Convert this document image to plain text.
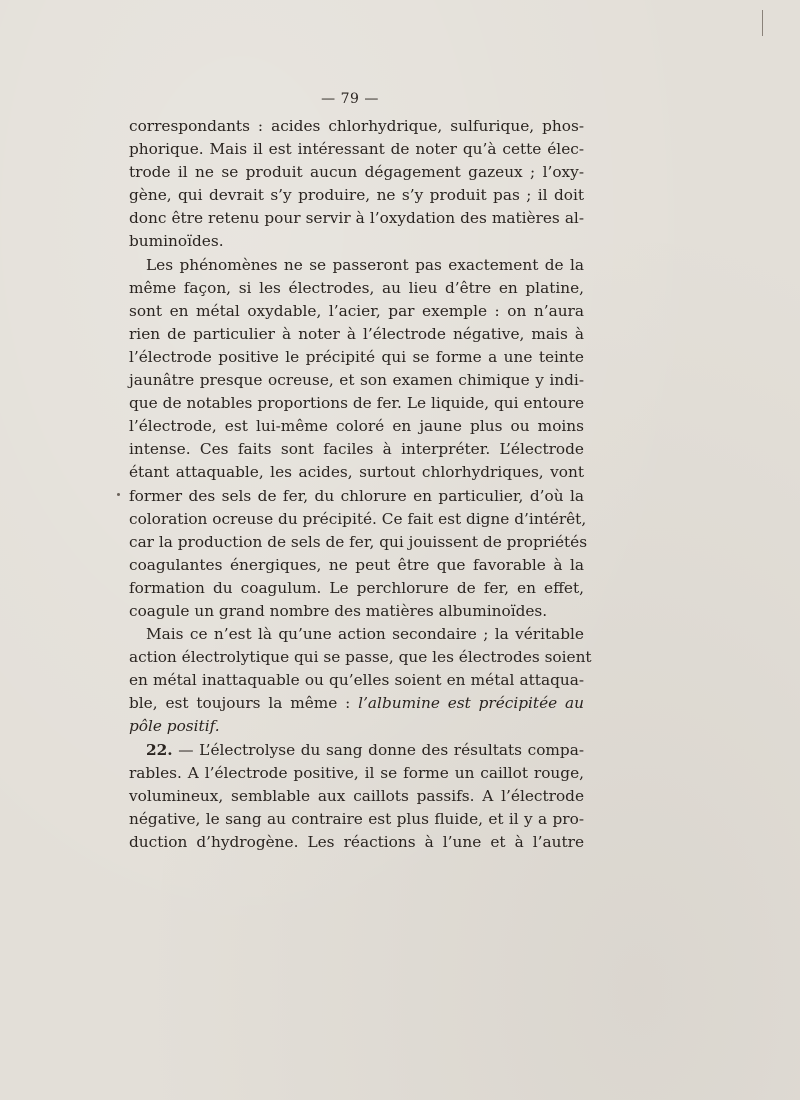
— 79 —
correspondants : acides chlorhydrique, sulfurique, phos-
phorique. Mais il est intéressant de noter qu’à cette élec-
trode il ne se produit aucun dégagement gazeux ; l’oxy-
gène, qui devrait s’y produire, ne s’y produit pas ; il doit
donc être retenu pour servir à l’oxydation des matières al-
buminoïdes.
Les phénomènes ne se passeront pas exactement de la
même façon, si les électrodes, au lieu d’être en platine,
sont en métal oxydable, l’acier, par exemple : on n’aura
rien de particulier à noter à l’électrode négative, mais à
l’électrode positive le précipité qui se forme a une teinte
jaunâtre presque ocreuse, et son examen chimique y indi-
que de notables proportions de fer. Le liquide, qui entoure
l’électrode, est lui-même coloré en jaune plus ou moins
intense. Ces faits sont faciles à interpréter. L’électrode
étant attaquable, les acides, surtout chlorhydriques, vont
former des sels de fer, du chlorure en particulier, d’où la
coloration ocreuse du précipité. Ce fait est digne d’intérêt,
car la production de sels de fer, qui jouissent de propriétés
coagulantes énergiques, ne peut être que favorable à la
formation du coagulum. Le perchlorure de fer, en effet,
coagule un grand nombre des matières albuminoïdes.
Mais ce n’est là qu’une action secondaire ; la véritable
action électrolytique qui se passe, que les électrodes soient
en métal inattaquable ou qu’elles soient en métal attaqua-
ble, est toujours la même : l’albumine est précipitée au
pôle positif.
22. — L’électrolyse du sang donne des résultats compa-
rables. A l’électrode positive, il se forme un caillot rouge,
volumineux, semblable aux caillots passifs. A l’électrode
négative, le sang au contraire est plus fluide, et il y a pro-
duction d’hydrogène. Les réactions à l’une et à l’autre
